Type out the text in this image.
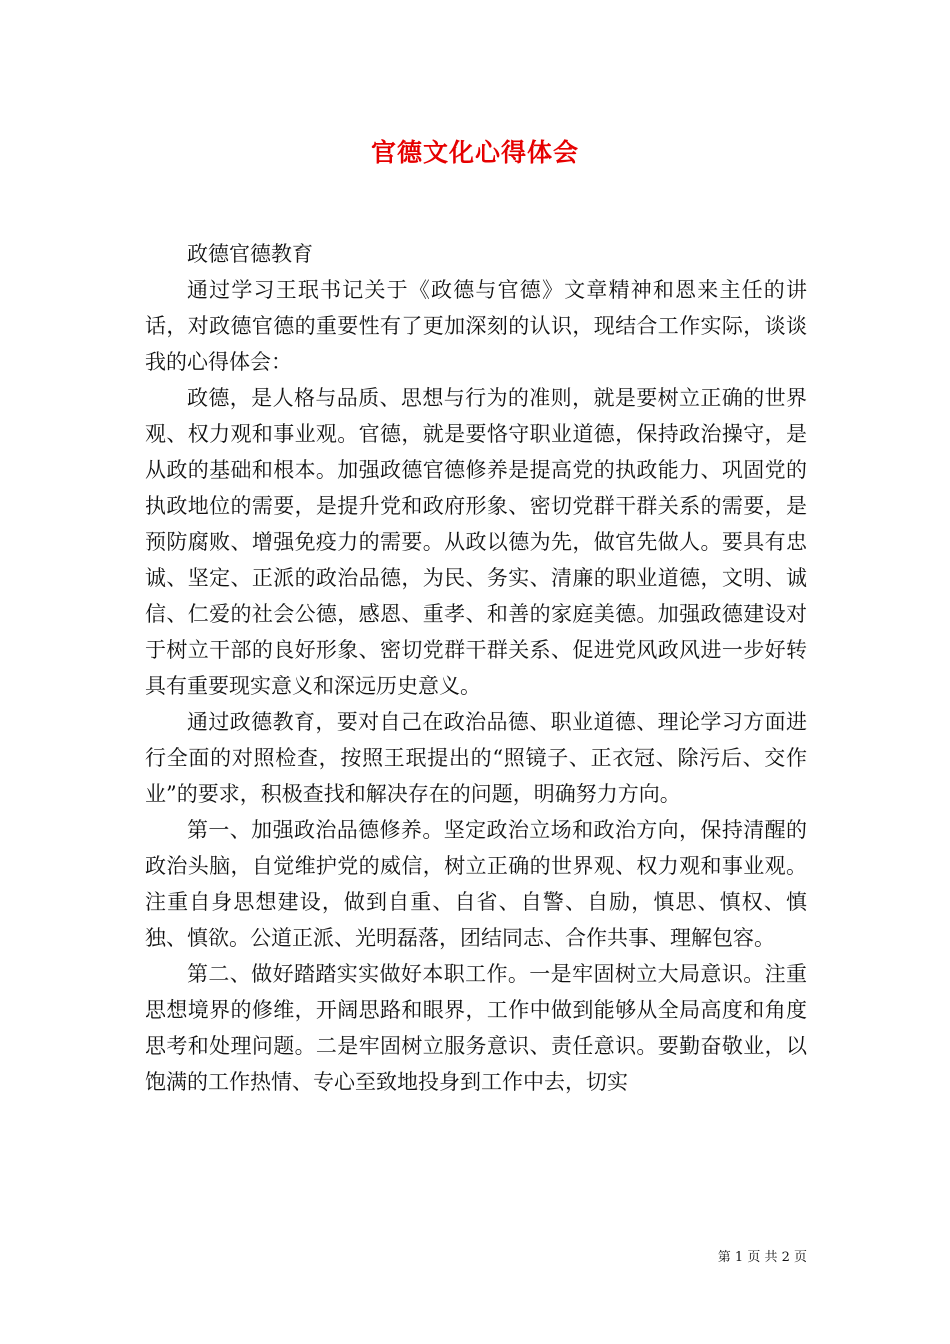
官德文化心得体会

政德官德教育

通过学习王珉书记关于《政德与官德》文章精神和恩来主任的讲话，对政德官德的重要性有了更加深刻的认识，现结合工作实际，谈谈我的心得体会：

政德，是人格与品质、思想与行为的准则，就是要树立正确的世界观、权力观和事业观。官德，就是要恪守职业道德，保持政治操守，是从政的基础和根本。加强政德官德修养是提高党的执政能力、巩固党的执政地位的需要，是提升党和政府形象、密切党群干群关系的需要，是预防腐败、增强免疫力的需要。从政以德为先，做官先做人。要具有忠诚、坚定、正派的政治品德，为民、务实、清廉的职业道德，文明、诚信、仁爱的社会公德，感恩、重孝、和善的家庭美德。加强政德建设对于树立干部的良好形象、密切党群干群关系、促进党风政风进一步好转具有重要现实意义和深远历史意义。

通过政德教育，要对自己在政治品德、职业道德、理论学习方面进行全面的对照检查，按照王珉提出的“照镜子、正衣冠、除污后、交作业”的要求，积极查找和解决存在的问题，明确努力方向。

第一、加强政治品德修养。坚定政治立场和政治方向，保持清醒的政治头脑，自觉维护党的威信，树立正确的世界观、权力观和事业观。注重自身思想建设，做到自重、自省、自警、自励，慎思、慎权、慎独、慎欲。公道正派、光明磊落，团结同志、合作共事、理解包容。

第二、做好踏踏实实做好本职工作。一是牢固树立大局意识。注重思想境界的修维，开阔思路和眼界，工作中做到能够从全局高度和角度思考和处理问题。二是牢固树立服务意识、责任意识。要勤奋敬业，以饱满的工作热情、专心至致地投身到工作中去，切实

第 1 页 共 2 页
